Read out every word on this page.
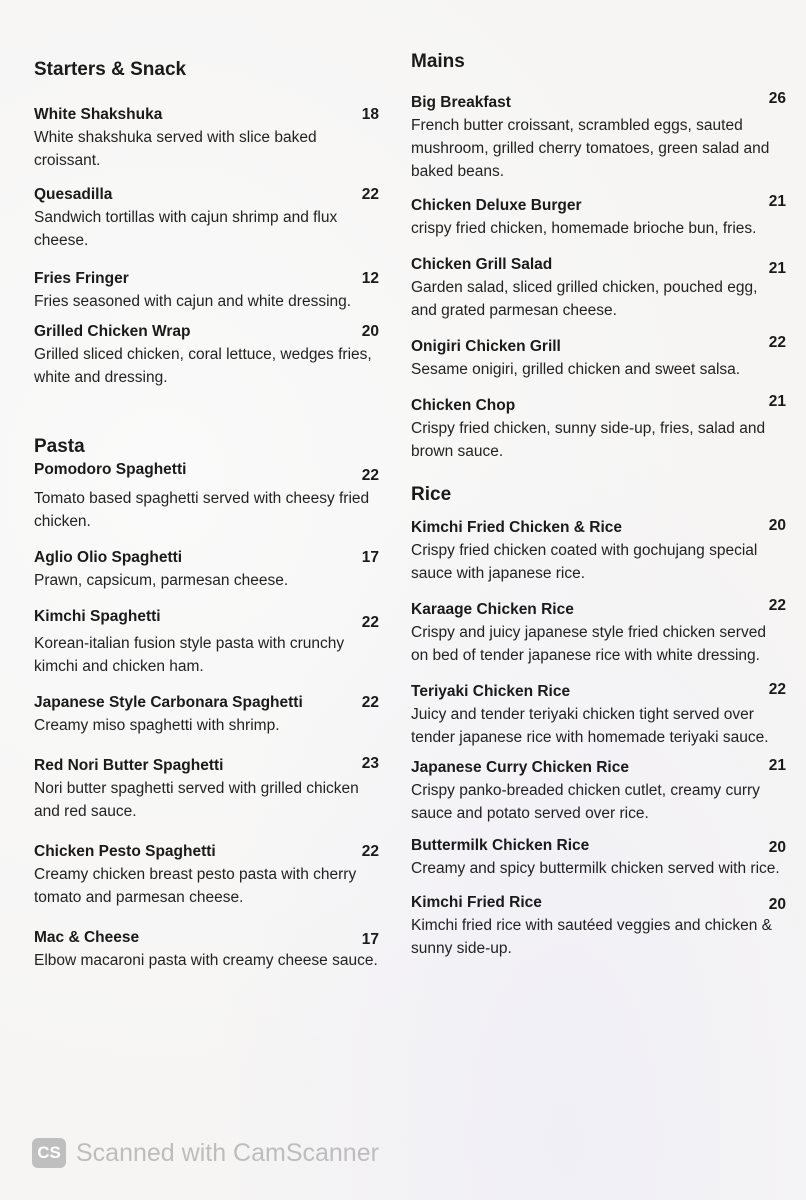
Starters & Snack

White Shakshuka	18

White shakshuka served with slice baked croissant.

Quesadilla	22

Sandwich tortillas with cajun shrimp and flux cheese.

Fries Fringer	12

Fries seasoned with cajun and white dressing.

Grilled Chicken Wrap	20

Grilled sliced chicken, coral lettuce, wedges fries, white and dressing.

Pasta

Pomodoro Spaghetti	22

Tomato based spaghetti served with cheesy fried chicken.

Aglio Olio Spaghetti	17

Prawn, capsicum, parmesan cheese.

Kimchi Spaghetti	22

Korean-italian fusion style pasta with crunchy kimchi and chicken ham.

Japanese Style Carbonara Spaghetti	22

Creamy miso spaghetti with shrimp.

Red Nori Butter Spaghetti	23

Nori butter spaghetti served with grilled chicken and red sauce.

Chicken Pesto Spaghetti	22

Creamy chicken breast pesto pasta with cherry tomato and parmesan cheese.

Mac & Cheese	17

Elbow macaroni pasta with creamy cheese sauce.

Mains

Big Breakfast	26

French butter croissant, scrambled eggs, sauted mushroom, grilled cherry tomatoes, green salad and baked beans.

Chicken Deluxe Burger	21

crispy fried chicken, homemade brioche bun, fries.

Chicken Grill Salad	21

Garden salad, sliced grilled chicken, pouched egg, and grated parmesan cheese.

Onigiri Chicken Grill	22

Sesame onigiri, grilled chicken and sweet salsa.

Chicken Chop	21

Crispy fried chicken, sunny side-up, fries, salad and brown sauce.

Rice

Kimchi Fried Chicken & Rice	20

Crispy fried chicken coated with gochujang special sauce with japanese rice.

Karaage Chicken Rice	22

Crispy and juicy japanese style fried chicken served on bed of tender japanese rice with white dressing.

Teriyaki Chicken Rice	22

Juicy and tender teriyaki chicken tight served over tender japanese rice with homemade teriyaki sauce.

Japanese Curry Chicken Rice	21

Crispy panko-breaded chicken cutlet, creamy curry sauce and potato served over rice.

Buttermilk Chicken Rice	20

Creamy and spicy buttermilk chicken served with rice.

Kimchi Fried Rice	20

Kimchi fried rice with sautéed veggies and chicken & sunny side-up.

CS Scanned with CamScanner
